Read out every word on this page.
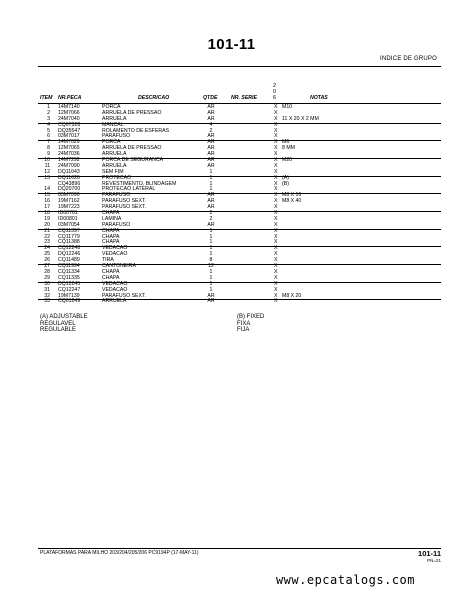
101-11
INDICE DE GRUPO
2
0
6
ITEM NR.PECA	DESCRICAO	QTDE	NR. SERIE	NOTAS
1 14M7140	PORCA	AR	X M10
2 12M7066	ARRUELA DE PRESSAO	AR	X
3 24M7040	ARRUELA	AR	X 11 X 20 X 2 MM
4 CQ07328	MANCAL	4	X
5 DQ35547	ROLAMENTO DE ESFERAS	2	X
6 03M7017	PARAFUSO	AR	X
7 14M7029	PORCA	AR	X M6
8 12M7065	ARRUELA DE PRESSAO	AR	X 8 MM
9 24M7036	ARRUELA	AR	X
10 14M7292	PORCA DE SEGURANCA	AR	X M20
11 24M7090	ARRUELA	AR	X
12 DQ11043	SEM FIM	1	X
13 DQ11626	PROTECAO	1	X (A)
CQ43896	REVESTIMENTO, BLINDAGEM	1	X (B)
14 DQ20700	PROTECAO LATERAL	1	X
15 03M7090	PARAFUSO	AR	X M8 X 16
16 19M7162	PARAFUSO SEXT.	AR	X M8 X 40
17 19M7223	PARAFUSO SEXT.	AR	X
18 ID00701	CHAPA	2	X
19 ID00801	LAMINA	2	X
20 03M7054	PARAFUSO	AR	X
21 CQ11397	CHAPA	1	X
22 CQ11779	CHAPA	1	X
23 CQ11388	CHAPA	1	X
24 CQ12248	VEDACAO	1	X
25 DQ12246	VEDACAO	1	X
26 CQ11489	TIRA	8	X
27 CQ11994	CANTONEIRA	12	X
28 CQ11334	CHAPA	1	X
29 CQ11335	CHAPA	1	X
30 DQ12245	VEDACAO	1	X
31 CQ12247	VEDACAO	1	X
32 19M7139	PARAFUSO SEXT.	AR	X M8 X 20
33 CQ01249	ARRUELA	AR	X
(A) ADJUSTABLE
REGULAVEL
REGULABLE
(B) FIXED
FIXA
FIJA
PLATAFORMAS PARA MILHO 203/204/205/206 PC9194P (17-MAY-11)	101-11
PN=21
www.epcatalogs.com
